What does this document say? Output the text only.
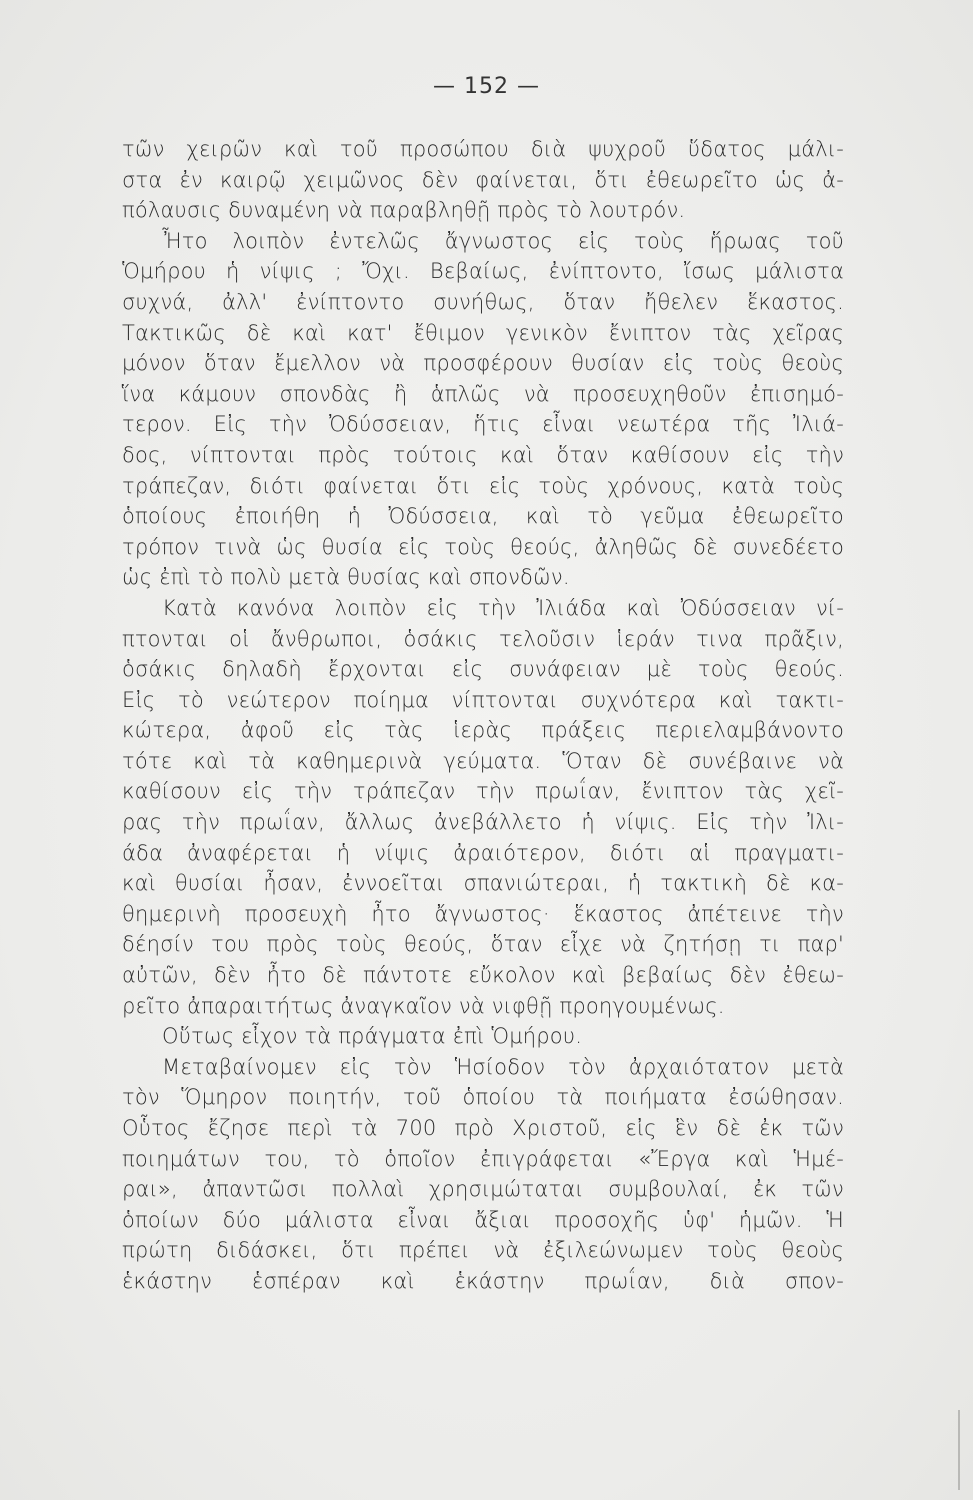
— 152 —
τῶν χειρῶν καὶ τοῦ προσώπου διὰ ψυχροῦ ὕδατος μάλι-
στα ἐν καιρῷ χειμῶνος δὲν φαίνεται, ὅτι ἐθεωρεῖτο ὡς ἀ-
πόλαυσις δυναμένη νὰ παραβληθῇ πρὸς τὸ λουτρόν.
Ἦτο λοιπὸν ἐντελῶς ἄγνωστος εἰς τοὺς ἥρωας τοῦ
Ὁμήρου ἡ νίψις ; Ὄχι. Βεβαίως, ἐνίπτοντο, ἴσως μάλιστα
συχνά, ἀλλ' ἐνίπτοντο συνήθως, ὅταν ἤθελεν ἕκαστος.
Τακτικῶς δὲ καὶ κατ' ἔθιμον γενικὸν ἔνιπτον τὰς χεῖρας
μόνον ὅταν ἔμελλον νὰ προσφέρουν θυσίαν εἰς τοὺς θεοὺς
ἵνα κάμουν σπονδὰς ἢ ἁπλῶς νὰ προσευχηθοῦν ἐπισημό-
τερον. Εἰς τὴν Ὀδύσσειαν, ἥτις εἶναι νεωτέρα τῆς Ἰλιά-
δος, νίπτονται πρὸς τούτοις καὶ ὅταν καθίσουν εἰς τὴν
τράπεζαν, διότι φαίνεται ὅτι εἰς τοὺς χρόνους, κατὰ τοὺς
ὁποίους ἐποιήθη ἡ Ὀδύσσεια, καὶ τὸ γεῦμα ἐθεωρεῖτο
τρόπον τινὰ ὡς θυσία εἰς τοὺς θεούς, ἀληθῶς δὲ συνεδέετο
ὡς ἐπὶ τὸ πολὺ μετὰ θυσίας καὶ σπονδῶν.
Κατὰ κανόνα λοιπὸν εἰς τὴν Ἰλιάδα καὶ Ὀδύσσειαν νί-
πτονται οἱ ἄνθρωποι, ὁσάκις τελοῦσιν ἱεράν τινα πρᾶξιν,
ὁσάκις δηλαδὴ ἔρχονται εἰς συνάφειαν μὲ τοὺς θεούς.
Εἰς τὸ νεώτερον ποίημα νίπτονται συχνότερα καὶ τακτι-
κώτερα, ἀφοῦ εἰς τὰς ἱερὰς πράξεις περιελαμβάνοντο
τότε καὶ τὰ καθημερινὰ γεύματα. Ὅταν δὲ συνέβαινε νὰ
καθίσουν εἰς τὴν τράπεζαν τὴν πρωΐαν, ἔνιπτον τὰς χεῖ-
ρας τὴν πρωΐαν, ἄλλως ἀνεβάλλετο ἡ νίψις. Εἰς τὴν Ἰλι-
άδα ἀναφέρεται ἡ νίψις ἀραιότερον, διότι αἱ πραγματι-
καὶ θυσίαι ἦσαν, ἐννοεῖται σπανιώτεραι, ἡ τακτικὴ δὲ κα-
θημερινὴ προσευχὴ ἦτο ἄγνωστος· ἕκαστος ἀπέτεινε τὴν
δέησίν του πρὸς τοὺς θεούς, ὅταν εἶχε νὰ ζητήσῃ τι παρ'
αὐτῶν, δὲν ἦτο δὲ πάντοτε εὔκολον καὶ βεβαίως δὲν ἐθεω-
ρεῖτο ἀπαραιτήτως ἀναγκαῖον νὰ νιφθῇ προηγουμένως.
Οὕτως εἶχον τὰ πράγματα ἐπὶ Ὁμήρου.
Μεταβαίνομεν εἰς τὸν Ἡσίοδον τὸν ἀρχαιότατον μετὰ
τὸν Ὅμηρον ποιητήν, τοῦ ὁποίου τὰ ποιήματα ἐσώθησαν.
Οὗτος ἔζησε περὶ τὰ 700 πρὸ Χριστοῦ, εἰς ἓν δὲ ἐκ τῶν
ποιημάτων του, τὸ ὁποῖον ἐπιγράφεται «Ἔργα καὶ Ἡμέ-
ραι», ἀπαντῶσι πολλαὶ χρησιμώταται συμβουλαί, ἐκ τῶν
ὁποίων δύο μάλιστα εἶναι ἄξιαι προσοχῆς ὑφ' ἡμῶν. Ἡ
πρώτη διδάσκει, ὅτι πρέπει νὰ ἐξιλεώνωμεν τοὺς θεοὺς
ἑκάστην ἑσπέραν καὶ ἑκάστην πρωΐαν, διὰ σπον-
